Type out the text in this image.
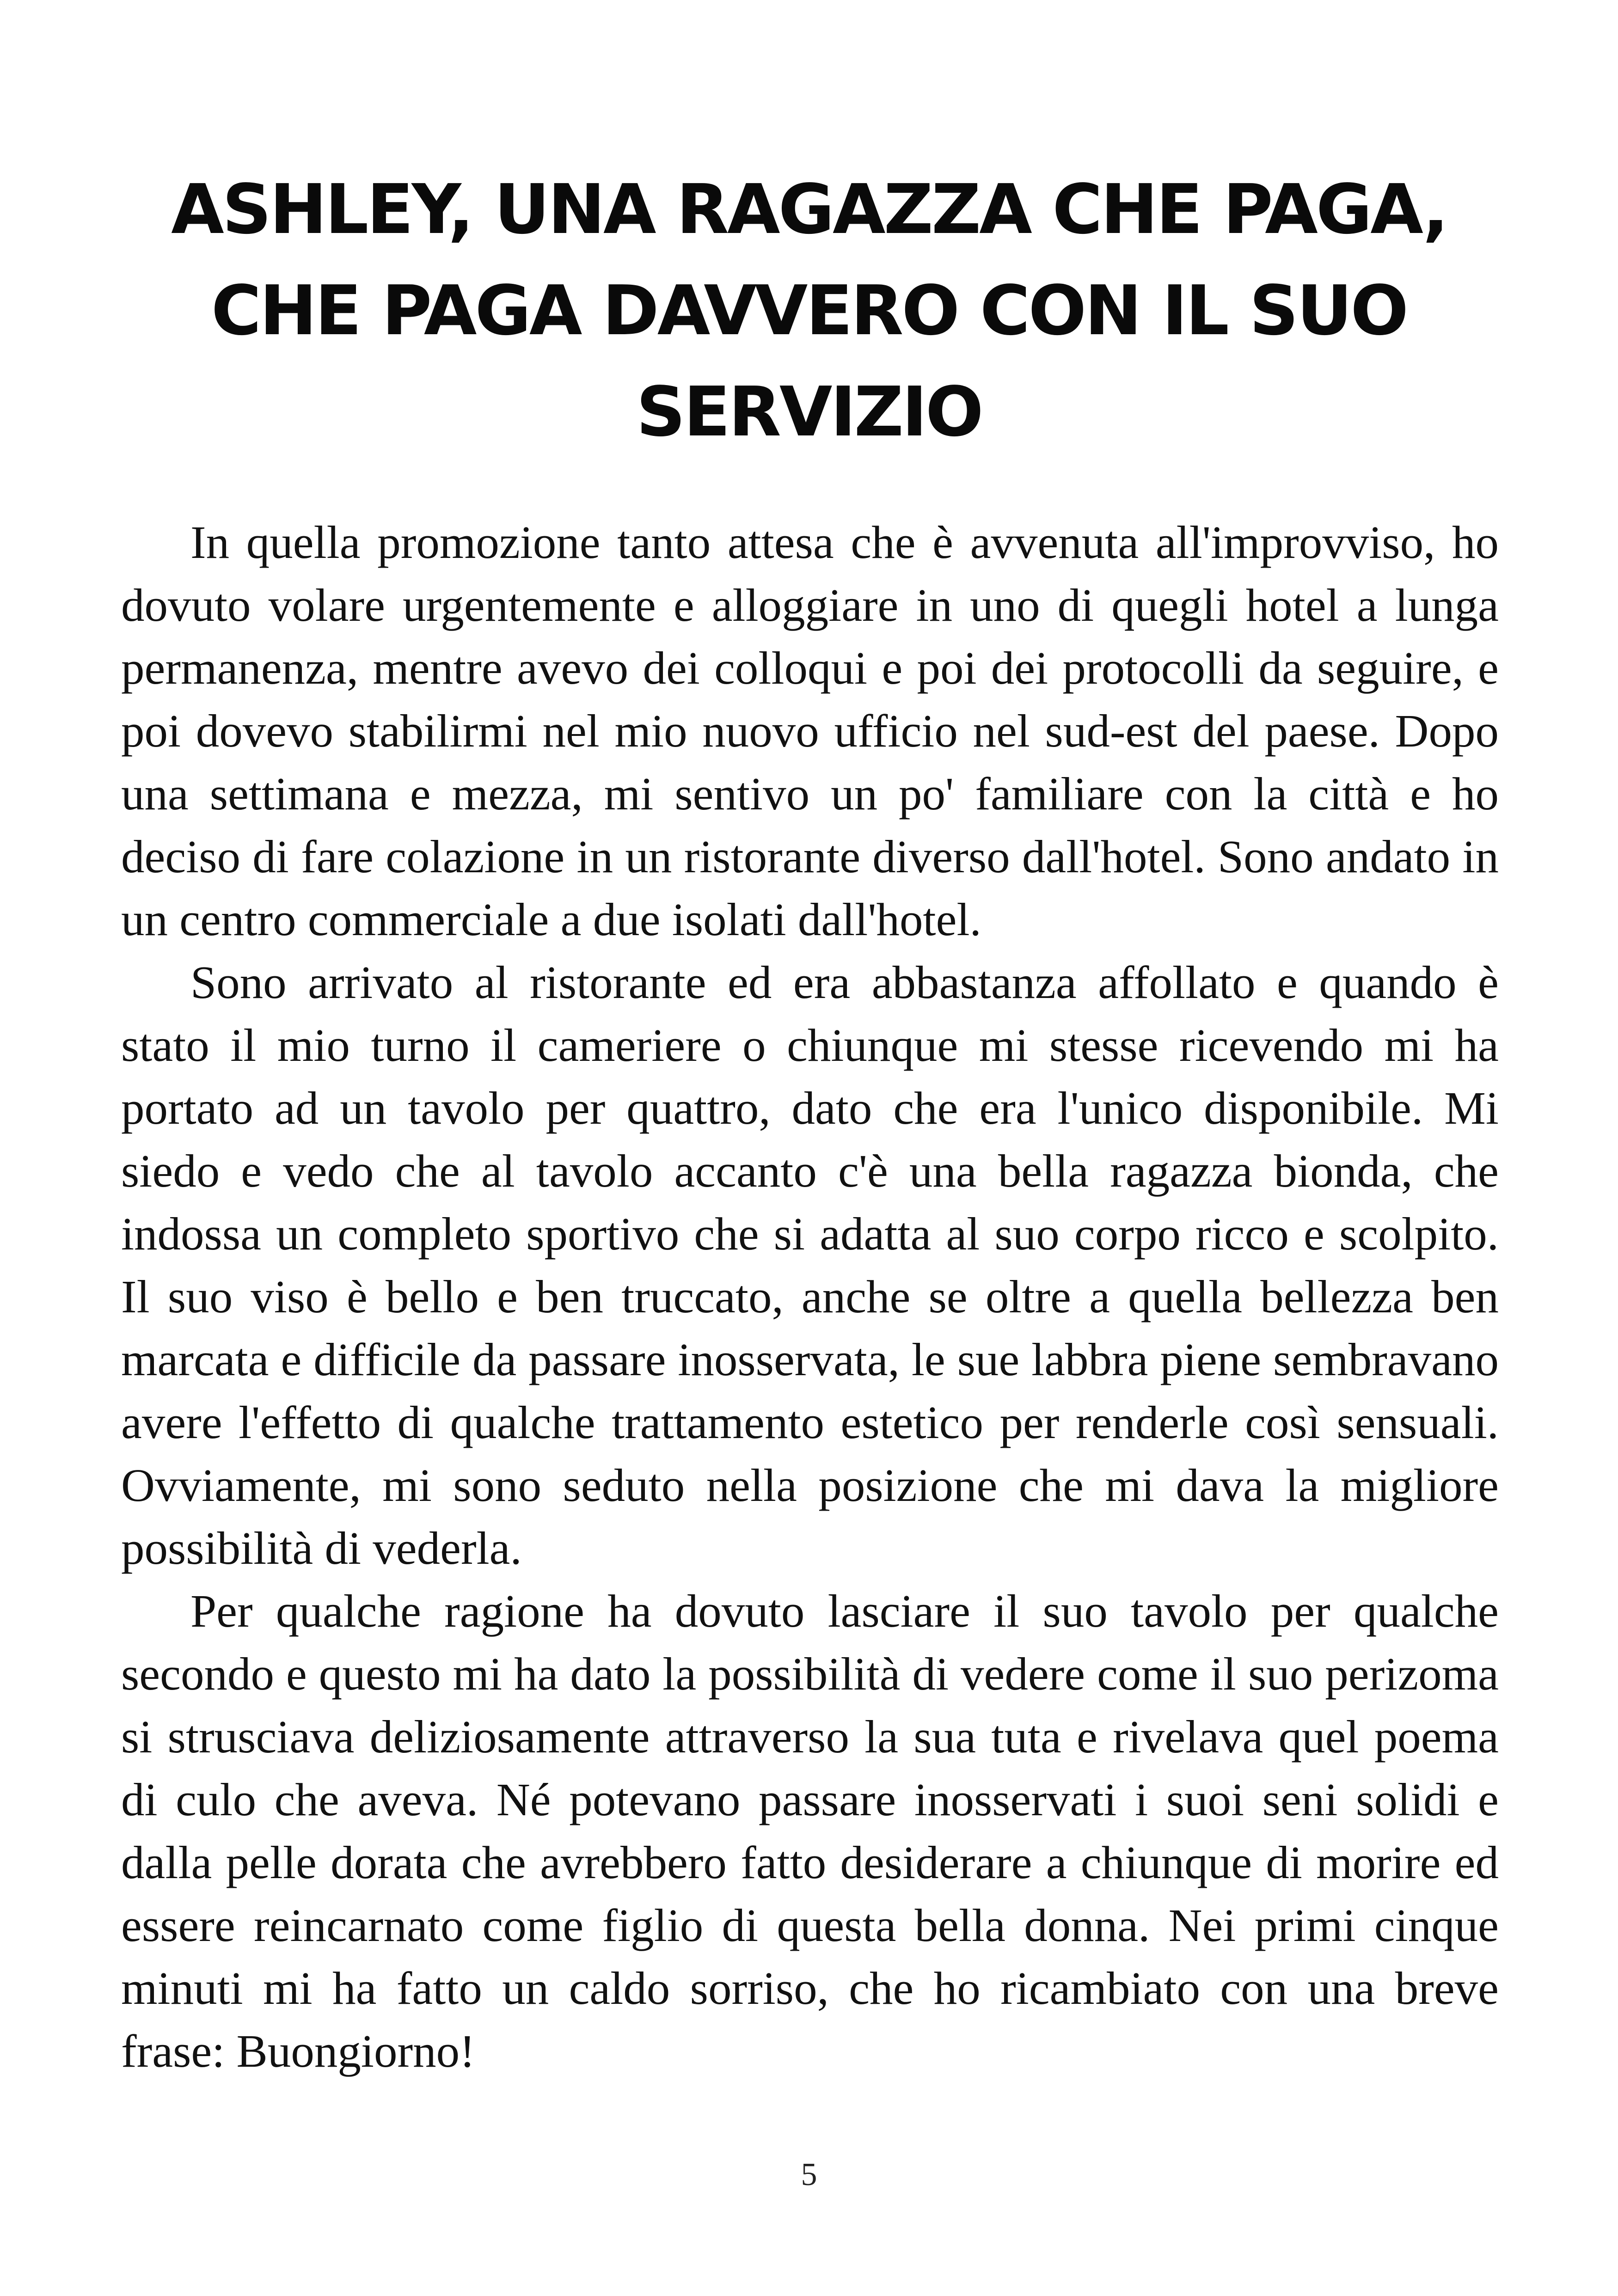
ASHLEY, UNA RAGAZZA CHE PAGA,
CHE PAGA DAVVERO CON IL SUO
SERVIZIO

In quella promozione tanto attesa che è avvenuta all'improvviso, ho dovuto volare urgentemente e alloggiare in uno di quegli hotel a lunga permanenza, mentre avevo dei colloqui e poi dei protocolli da seguire, e poi dovevo stabilirmi nel mio nuovo ufficio nel sud-est del paese. Dopo una settimana e mezza, mi sentivo un po' familiare con la città e ho deciso di fare colazione in un ristorante diverso dall'hotel. Sono andato in un centro commerciale a due isolati dall'hotel.

Sono arrivato al ristorante ed era abbastanza affollato e quando è stato il mio turno il cameriere o chiunque mi stesse ricevendo mi ha portato ad un tavolo per quattro, dato che era l'unico disponibile. Mi siedo e vedo che al tavolo accanto c'è una bella ragazza bionda, che indossa un completo sportivo che si adatta al suo corpo ricco e scolpito. Il suo viso è bello e ben truccato, anche se oltre a quella bellezza ben marcata e difficile da passare inosservata, le sue labbra piene sembravano avere l'effetto di qualche trattamento estetico per renderle così sensuali. Ovviamente, mi sono seduto nella posizione che mi dava la migliore possibilità di vederla.

Per qualche ragione ha dovuto lasciare il suo tavolo per qualche secondo e questo mi ha dato la possibilità di vedere come il suo perizoma si strusciava deliziosamente attraverso la sua tuta e rivelava quel poema di culo che aveva. Né potevano passare inosservati i suoi seni solidi e dalla pelle dorata che avrebbero fatto desiderare a chiunque di morire ed essere reincarnato come figlio di questa bella donna. Nei primi cinque minuti mi ha fatto un caldo sorriso, che ho ricambiato con una breve frase: Buongiorno!

5
